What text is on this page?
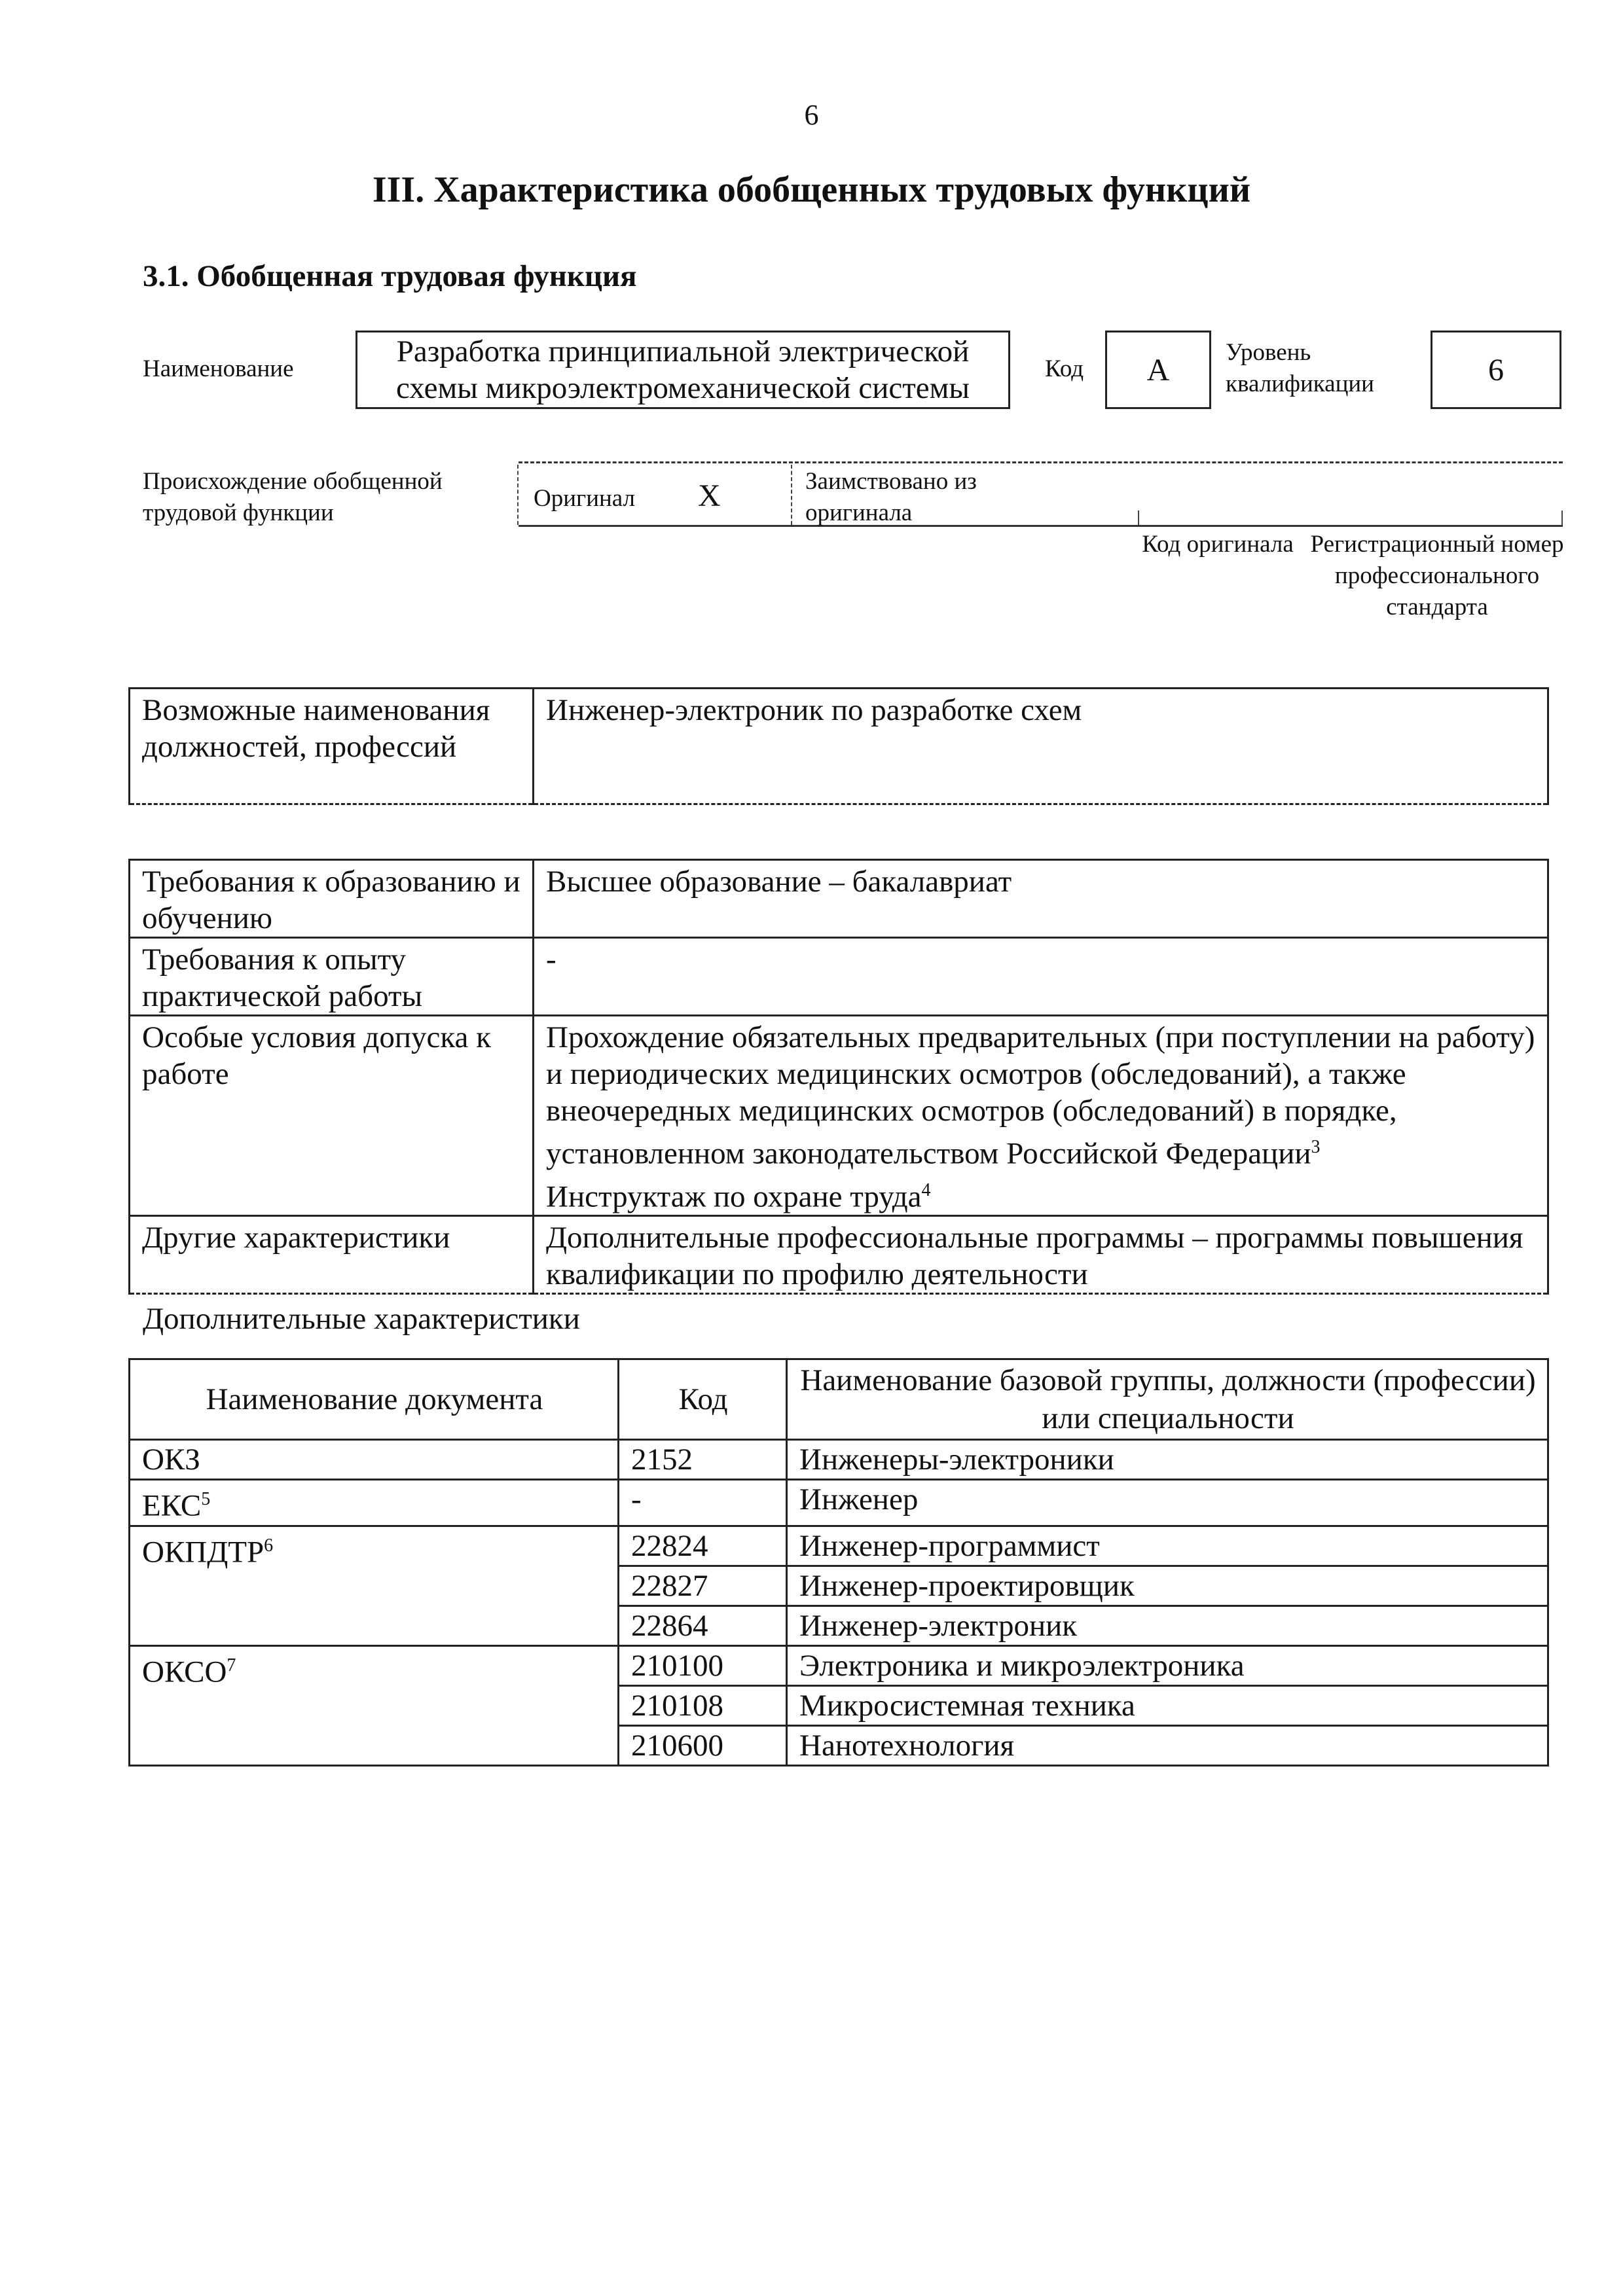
6
III. Характеристика обобщенных трудовых функций
3.1. Обобщенная трудовая функция
Наименование
Разработка принципиальной электрической схемы микроэлектромеханической системы
Код	А	Уровень квалификации	6
Происхождение обобщенной трудовой функции
Оригинал Х	Заимствовано из оригинала
Код оригинала Регистрационный номер профессионального стандарта
Возможные наименования должностей, профессий	Инженер-электроник по разработке схем
Требования к образованию и обучению	Высшее образование – бакалавриат
Требования к опыту практической работы	-
Особые условия допуска к работе	Прохождение обязательных предварительных (при поступлении на работу) и периодических медицинских осмотров (обследований), а также внеочередных медицинских осмотров (обследований) в порядке, установленном законодательством Российской Федерации$^3$
Инструктаж по охране труда$^4$
Другие характеристики	Дополнительные профессиональные программы – программы повышения квалификации по профилю деятельности
Дополнительные характеристики
Наименование документа	Код	Наименование базовой группы, должности (профессии) или специальности
ОКЗ	2152	Инженеры-электроники
ЕКС$^5$	-	Инженер
ОКПДТР$^6$	22824	Инженер-программист
	22827	Инженер-проектировщик
	22864	Инженер-электроник
ОКСО$^7$	210100	Электроника и микроэлектроника
	210108	Микросистемная техника
	210600	Нанотехнология
